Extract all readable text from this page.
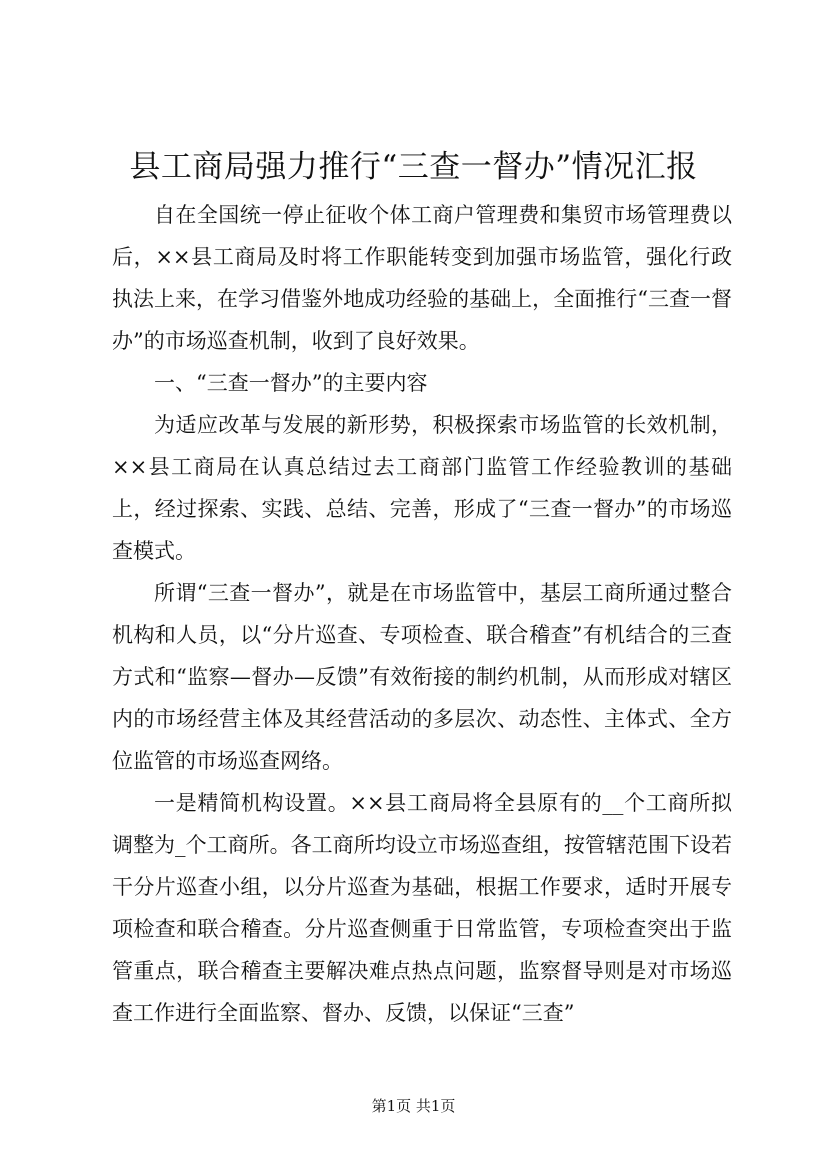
县工商局强力推行“三查一督办”情况汇报

自在全国统一停止征收个体工商户管理费和集贸市场管理费以后，××县工商局及时将工作职能转变到加强市场监管，强化行政执法上来，在学习借鉴外地成功经验的基础上，全面推行“三查一督办”的市场巡查机制，收到了良好效果。

一、“三查一督办”的主要内容

为适应改革与发展的新形势，积极探索市场监管的长效机制，××县工商局在认真总结过去工商部门监管工作经验教训的基础上，经过探索、实践、总结、完善，形成了“三查一督办”的市场巡查模式。

所谓“三查一督办”，就是在市场监管中，基层工商所通过整合机构和人员，以“分片巡查、专项检查、联合稽查”有机结合的三查方式和“监察—督办—反馈”有效衔接的制约机制，从而形成对辖区内的市场经营主体及其经营活动的多层次、动态性、主体式、全方位监管的市场巡查网络。

一是精简机构设置。××县工商局将全县原有的__个工商所拟调整为_个工商所。各工商所均设立市场巡查组，按管辖范围下设若干分片巡查小组，以分片巡查为基础，根据工作要求，适时开展专项检查和联合稽查。分片巡查侧重于日常监管，专项检查突出于监管重点，联合稽查主要解决难点热点问题，监察督导则是对市场巡查工作进行全面监察、督办、反馈，以保证“三查”

第1页 共1页
